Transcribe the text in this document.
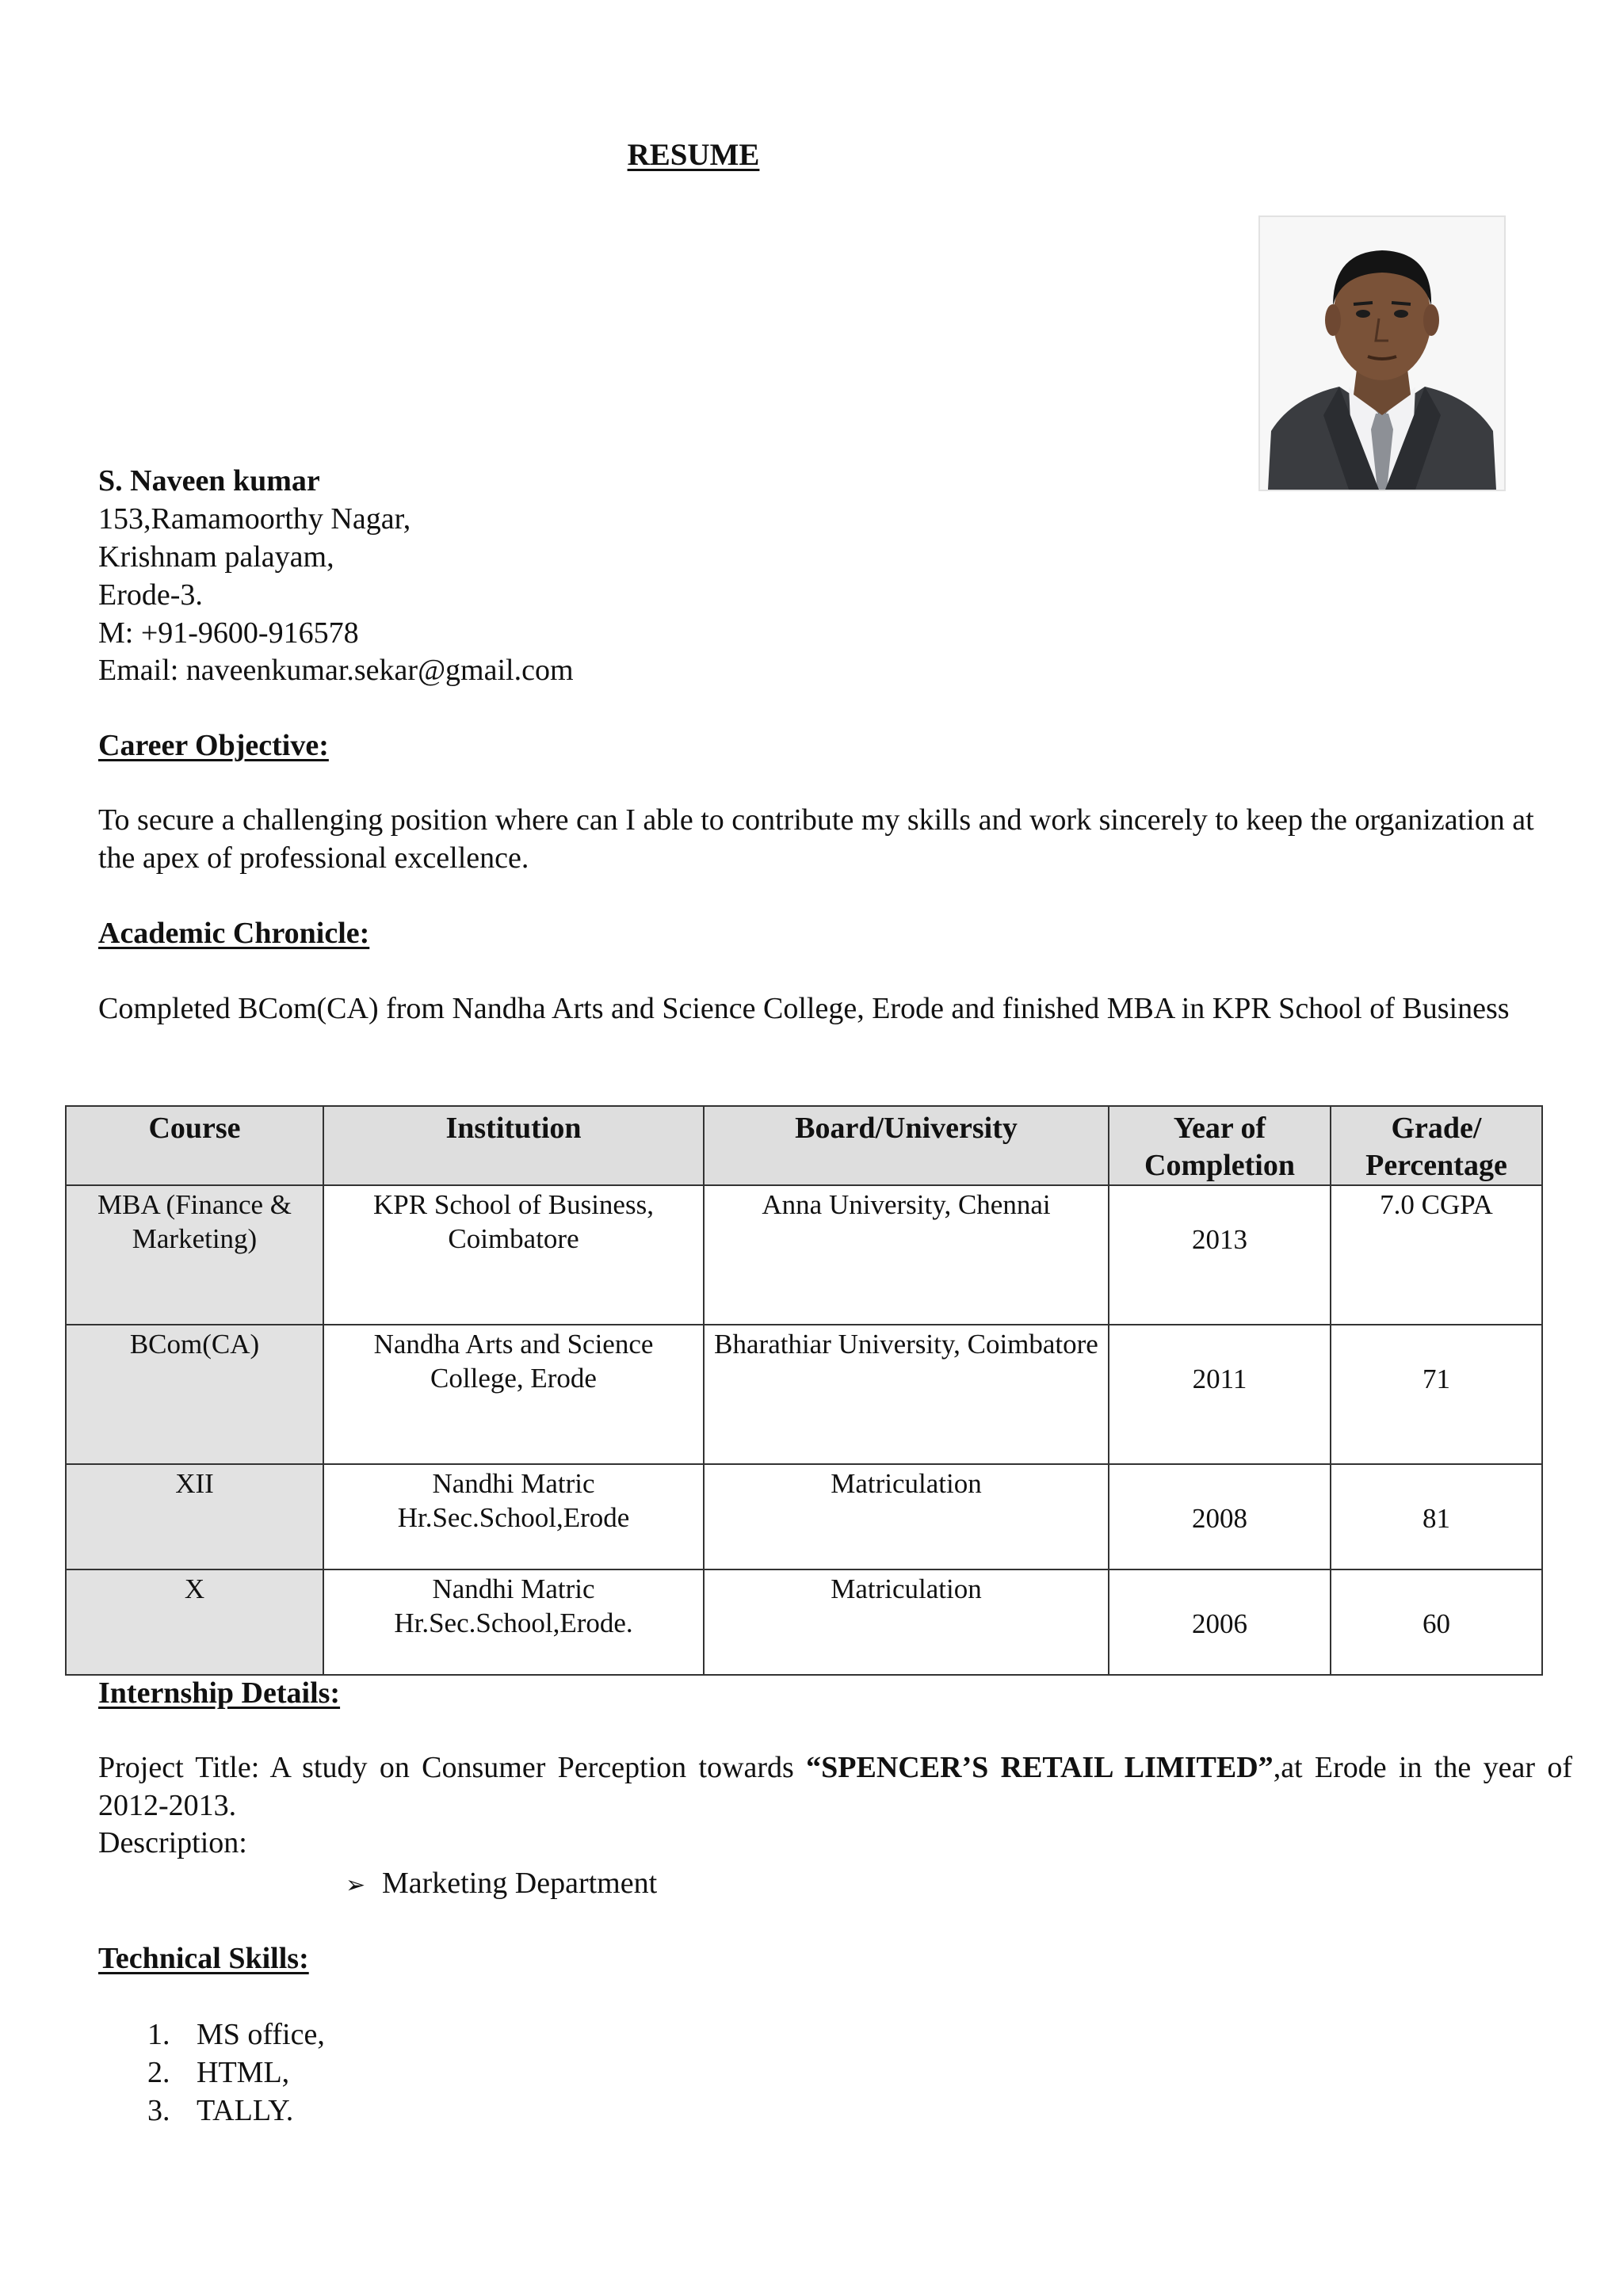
RESUME
S. Naveen kumar
153,Ramamoorthy Nagar,
Krishnam palayam,
Erode-3.
M: +91-9600-916578
Email: naveenkumar.sekar@gmail.com
Career Objective:
To secure a challenging position where can I able to contribute my skills and work sincerely to keep the organization at the apex of professional excellence.
Academic Chronicle:
Completed BCom(CA) from Nandha Arts and Science College, Erode and finished MBA in KPR School of Business
Course	Institution	Board/University	Year of Completion	Grade/ Percentage
MBA (Finance & Marketing)	KPR School of Business, Coimbatore	Anna University, Chennai	2013	7.0 CGPA
BCom(CA)	Nandha Arts and Science College, Erode	Bharathiar University, Coimbatore	2011	71
XII	Nandhi Matric Hr.Sec.School,Erode	Matriculation	2008	81
X	Nandhi Matric Hr.Sec.School,Erode.	Matriculation	2006	60
Internship Details:
Project Title: A study on Consumer Perception towards “SPENCER’S RETAIL LIMITED”,at Erode in the year of 2012-2013.
Description:
➢ Marketing Department
Technical Skills:
1. MS office,
2. HTML,
3. TALLY.
